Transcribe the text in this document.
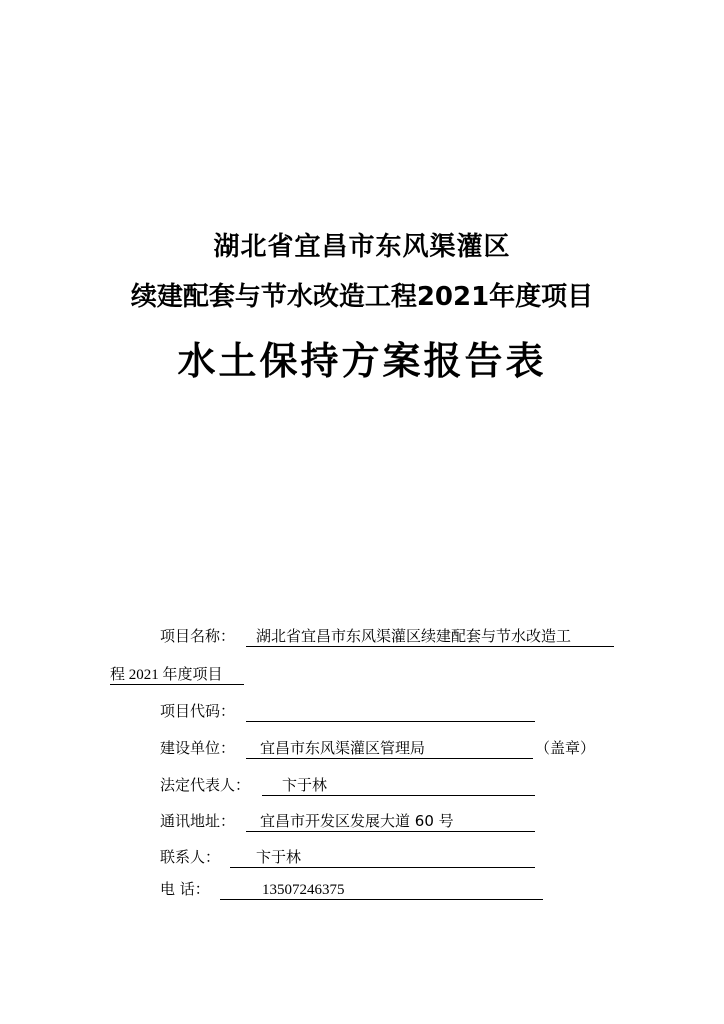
湖北省宜昌市东风渠灌区
续建配套与节水改造工程2021年度项目
水土保持方案报告表
项目名称：	湖北省宜昌市东风渠灌区续建配套与节水改造工
程 2021 年度项目
项目代码：
建设单位：	宜昌市东风渠灌区管理局	（盖章）
法定代表人：	卞于林
通讯地址：	宜昌市开发区发展大道 60 号
联系人：	卞于林
电 话：	13507246375
